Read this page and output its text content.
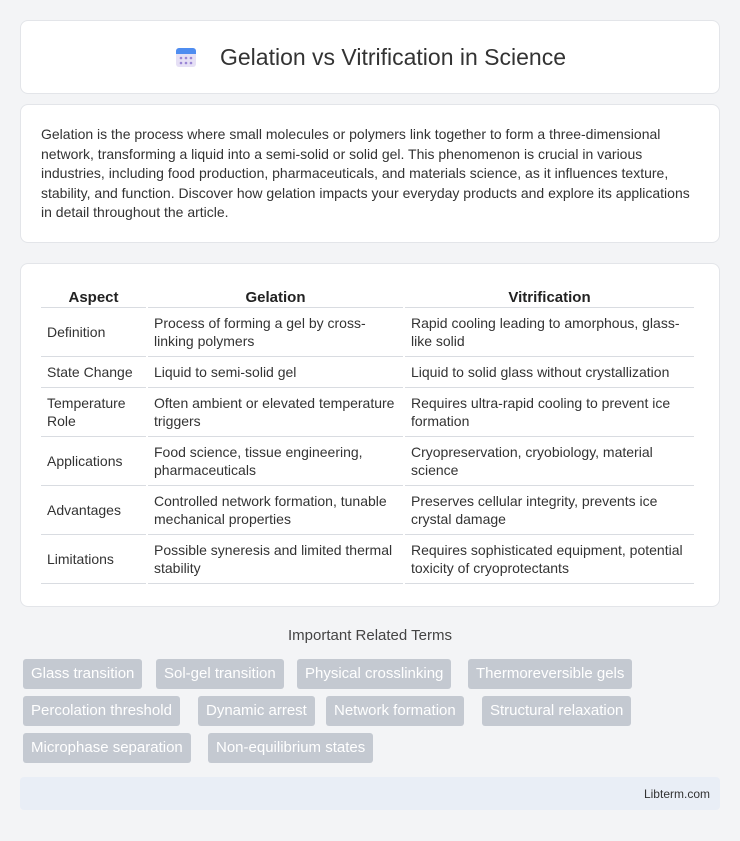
Gelation vs Vitrification in Science

Gelation is the process where small molecules or polymers link together to form a three-dimensional network, transforming a liquid into a semi-solid or solid gel. This phenomenon is crucial in various industries, including food production, pharmaceuticals, and materials science, as it influences texture, stability, and function. Discover how gelation impacts your everyday products and explore its applications in detail throughout the article.

Aspect	Gelation	Vitrification
Definition	Process of forming a gel by cross-linking polymers	Rapid cooling leading to amorphous, glass-like solid
State Change	Liquid to semi-solid gel	Liquid to solid glass without crystallization
Temperature Role	Often ambient or elevated temperature triggers	Requires ultra-rapid cooling to prevent ice formation
Applications	Food science, tissue engineering, pharmaceuticals	Cryopreservation, cryobiology, material science
Advantages	Controlled network formation, tunable mechanical properties	Preserves cellular integrity, prevents ice crystal damage
Limitations	Possible syneresis and limited thermal stability	Requires sophisticated equipment, potential toxicity of cryoprotectants
Important Related Terms
Glass transition	Sol-gel transition	Physical crosslinking	Thermoreversible gels
Percolation threshold	Dynamic arrest	Network formation	Structural relaxation
Microphase separation	Non-equilibrium states
Libterm.com
